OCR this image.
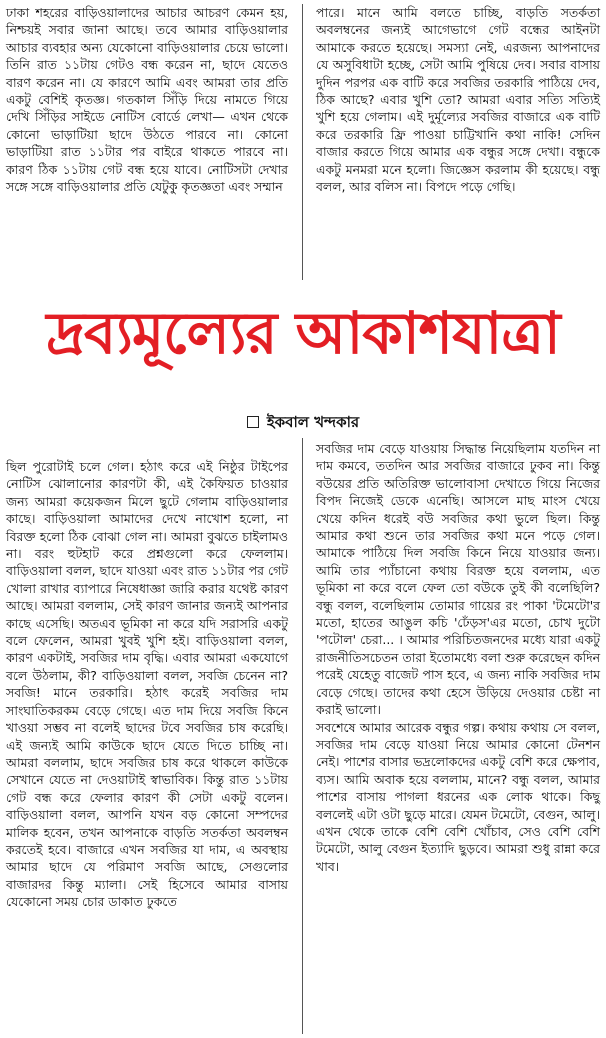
ঢাকা শহরের বাড়িওয়ালাদের আচার আচরণ কেমন হয়, নিশ্চয়ই সবার জানা আছে। তবে আমার বাড়িওয়ালার আচার ব্যবহার অন্য যেকোনো বাড়িওয়ালার চেয়ে ভালো। তিনি রাত ১১টায় গেটও বন্ধ করেন না, ছাদে যেতেও বারণ করেন না। যে কারণে আমি এবং আমরা তার প্রতি একটু বেশিই কৃতজ্ঞ। গতকাল সিঁড়ি দিয়ে নামতে গিয়ে দেখি সিঁড়ির সাইডে নোটিস বোর্ডে লেখা— এখন থেকে কোনো ভাড়াটিয়া ছাদে উঠতে পারবে না। কোনো ভাড়াটিয়া রাত ১১টার পর বাইরে থাকতে পারবে না। কারণ ঠিক ১১টায় গেট বন্ধ হয়ে যাবে। নোটিসটা দেখার সঙ্গে সঙ্গে বাড়িওয়ালার প্রতি যেটুকু কৃতজ্ঞতা এবং সম্মান

পারে। মানে আমি বলতে চাচ্ছি, বাড়তি সতর্কতা অবলম্বনের জন্যই আগেভাগে গেট বন্ধের আইনটা আমাকে করতে হয়েছে। সমস্যা নেই, এরজন্য আপনাদের যে অসুবিধাটা হচ্ছে, সেটা আমি পুষিয়ে দেব। সবার বাসায় দুদিন পরপর এক বাটি করে সবজির তরকারি পাঠিয়ে দেব, ঠিক আছে? এবার খুশি তো? আমরা এবার সত্যি সত্যিই খুশি হয়ে গেলাম। এই দুর্মূল্যের সবজির বাজারে এক বাটি করে তরকারি ফ্রি পাওয়া চাট্টিখানি কথা নাকি! সেদিন বাজার করতে গিয়ে আমার এক বন্ধুর সঙ্গে দেখা। বন্ধুকে একটু মনমরা মনে হলো। জিজ্ঞেস করলাম কী হয়েছে। বন্ধু বলল, আর বলিস না। বিপদে পড়ে গেছি।

দ্রব্যমূল্যের আকাশযাত্রা
ইকবাল খন্দকার

ছিল পুরোটাই চলে গেল। হঠাৎ করে এই নিষ্ঠুর টাইপের নোটিস ঝোলানোর কারণটা কী, এই কৈফিয়ত চাওয়ার জন্য আমরা কয়েকজন মিলে ছুটে গেলাম বাড়িওয়ালার কাছে। বাড়িওয়ালা আমাদের দেখে নাখোশ হলো, না বিরক্ত হলো ঠিক বোঝা গেল না। আমরা বুঝতে চাইলামও না। বরং হুটহাট করে প্রশ্নগুলো করে ফেললাম। বাড়িওয়ালা বলল, ছাদে যাওয়া এবং রাত ১১টার পর গেট খোলা রাখার ব্যাপারে নিষেধাজ্ঞা জারি করার যথেষ্ট কারণ আছে। আমরা বললাম, সেই কারণ জানার জন্যই আপনার কাছে এসেছি। অতএব ভূমিকা না করে যদি সরাসরি একটু বলে ফেলেন, আমরা খুবই খুশি হই। বাড়িওয়ালা বলল, কারণ একটাই, সবজির দাম বৃদ্ধি। এবার আমরা একযোগে বলে উঠলাম, কী? বাড়িওয়ালা বলল, সবজি চেনেন না? সবজি! মানে তরকারি। হঠাৎ করেই সবজির দাম সাংঘাতিকরকম বেড়ে গেছে। এত দাম দিয়ে সবজি কিনে খাওয়া সম্ভব না বলেই ছাদের টবে সবজির চাষ করেছি। এই জন্যই আমি কাউকে ছাদে যেতে দিতে চাচ্ছি না। আমরা বললাম, ছাদে সবজির চাষ করে থাকলে কাউকে সেখানে যেতে না দেওয়াটাই স্বাভাবিক। কিন্তু রাত ১১টায় গেট বন্ধ করে ফেলার কারণ কী সেটা একটু বলেন। বাড়িওয়ালা বলল, আপনি যখন বড় কোনো সম্পদের মালিক হবেন, তখন আপনাকে বাড়তি সতর্কতা অবলম্বন করতেই হবে। বাজারে এখন সবজির যা দাম, এ অবস্থায় আমার ছাদে যে পরিমাণ সবজি আছে, সেগুলোর বাজারদর কিন্তু ম্যালা। সেই হিসেবে আমার বাসায় যেকোনো সময় চোর ডাকাত ঢুকতে

সবজির দাম বেড়ে যাওয়ায় সিদ্ধান্ত নিয়েছিলাম যতদিন না দাম কমবে, ততদিন আর সবজির বাজারে ঢুকব না। কিন্তু বউয়ের প্রতি অতিরিক্ত ভালোবাসা দেখাতে গিয়ে নিজের বিপদ নিজেই ডেকে এনেছি। আসলে মাছ মাংস খেয়ে খেয়ে কদিন ধরেই বউ সবজির কথা ভুলে ছিল। কিন্তু আমার কথা শুনে তার সবজির কথা মনে পড়ে গেল। আমাকে পাঠিয়ে দিল সবজি কিনে নিয়ে যাওয়ার জন্য। আমি তার প্যাঁচানো কথায় বিরক্ত হয়ে বললাম, এত ভূমিকা না করে বলে ফেল তো বউকে তুই কী বলেছিলি? বন্ধু বলল, বলেছিলাম তোমার গায়ের রং পাকা 'টমেটো'র মতো, হাতের আঙুল কচি 'ঢেঁড়স'এর মতো, চোখ দুটো 'পটোল' চেরা... । আমার পরিচিতজনদের মধ্যে যারা একটু রাজনীতিসচেতন তারা ইতোমধ্যে বলা শুরু করেছেন কদিন পরেই যেহেতু বাজেট পাস হবে, এ জন্য নাকি সবজির দাম বেড়ে গেছে। তাদের কথা হেসে উড়িয়ে দেওয়ার চেষ্টা না করাই ভালো।

সবশেষে আমার আরেক বন্ধুর গল্প। কথায় কথায় সে বলল, সবজির দাম বেড়ে যাওয়া নিয়ে আমার কোনো টেনশন নেই। পাশের বাসার ভদ্রলোকদের একটু বেশি করে ক্ষেপাব, ব্যস। আমি অবাক হয়ে বললাম, মানে? বন্ধু বলল, আমার পাশের বাসায় পাগলা ধরনের এক লোক থাকে। কিছু বললেই এটা ওটা ছুড়ে মারে। যেমন টমেটো, বেগুন, আলু। এখন থেকে তাকে বেশি বেশি খোঁচাব, সেও বেশি বেশি টমেটো, আলু বেগুন ইত্যাদি ছুড়বে। আমরা শুধু রান্না করে খাব।
